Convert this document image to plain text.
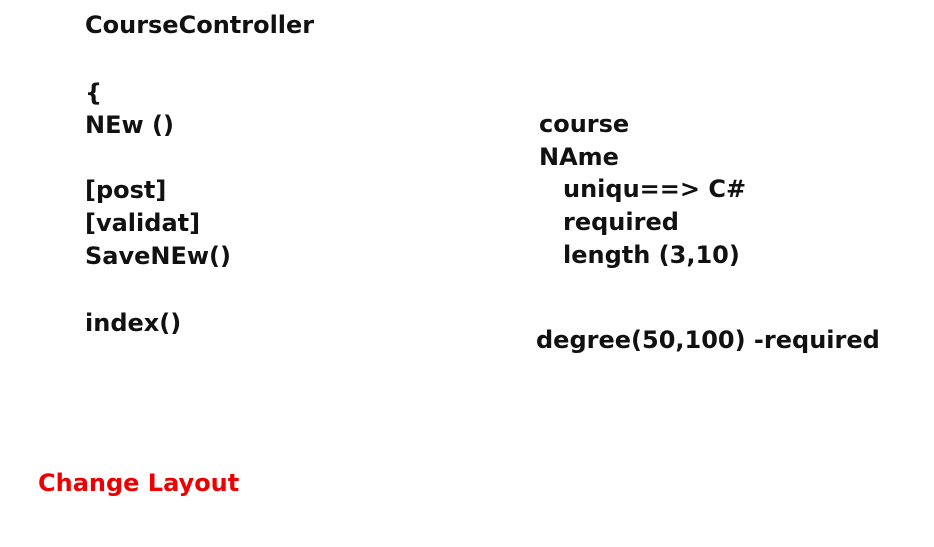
CourseController
{
NEw ()
[post]
[validat]
SaveNEw()
index()
course
NAme
uniqu==> C#
required
length (3,10)
degree(50,100) -required
Change Layout
